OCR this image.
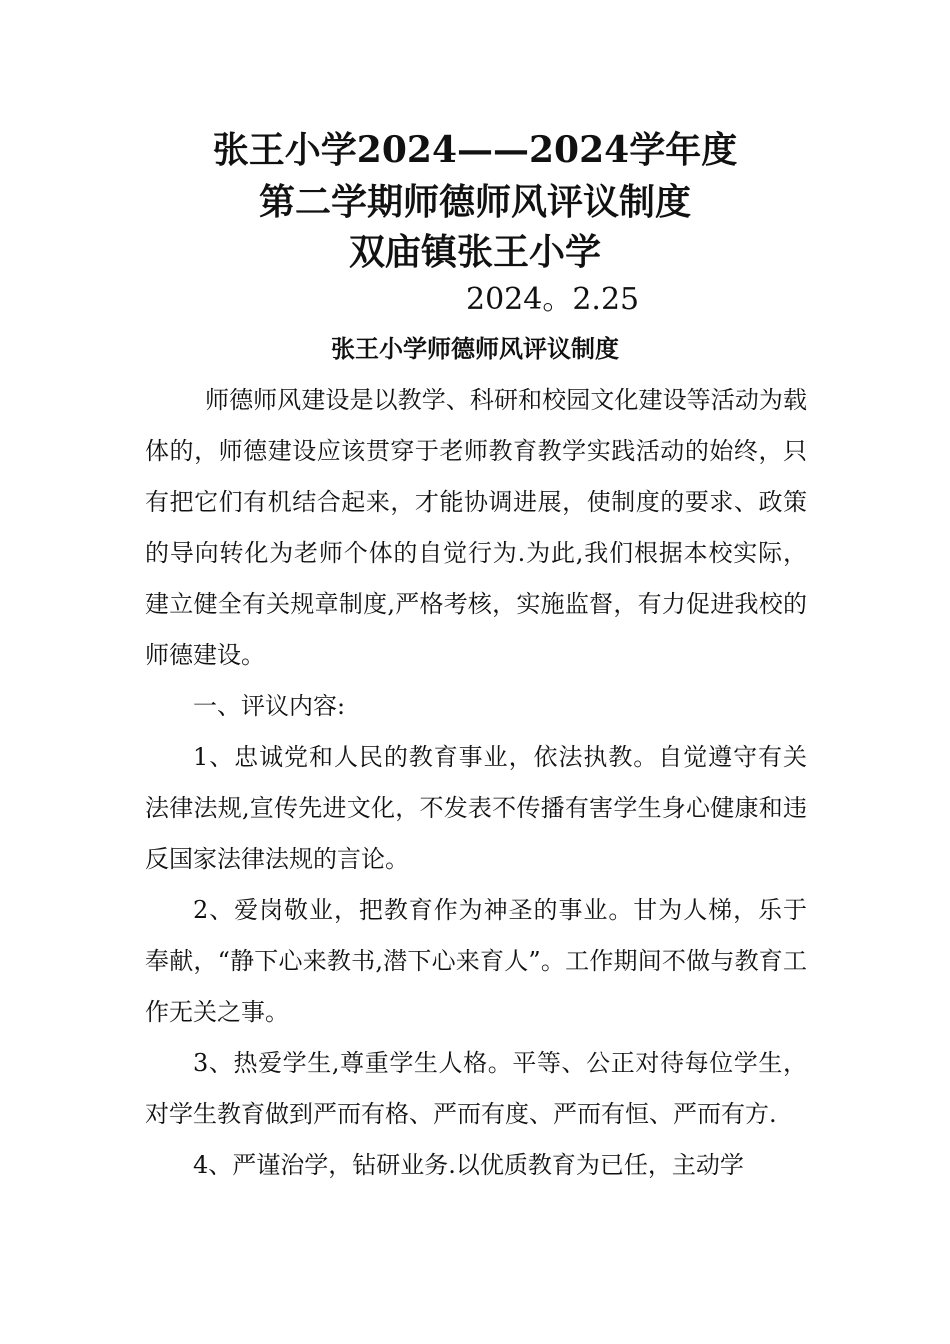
张王小学2024——2024学年度
第二学期师德师风评议制度
双庙镇张王小学
2024。2.25
张王小学师德师风评议制度

师德师风建设是以教学、科研和校园文化建设等活动为载体的，师德建设应该贯穿于老师教育教学实践活动的始终，只有把它们有机结合起来，才能协调进展，使制度的要求、政策的导向转化为老师个体的自觉行为.为此,我们根据本校实际，建立健全有关规章制度,严格考核，实施监督，有力促进我校的师德建设。

一、评议内容:

1、忠诚党和人民的教育事业，依法执教。自觉遵守有关法律法规,宣传先进文化，不发表不传播有害学生身心健康和违反国家法律法规的言论。

2、爱岗敬业，把教育作为神圣的事业。甘为人梯，乐于奉献，“静下心来教书,潜下心来育人”。工作期间不做与教育工作无关之事。

3、热爱学生,尊重学生人格。平等、公正对待每位学生，对学生教育做到严而有格、严而有度、严而有恒、严而有方.

4、严谨治学，钻研业务.以优质教育为已任，主动学
